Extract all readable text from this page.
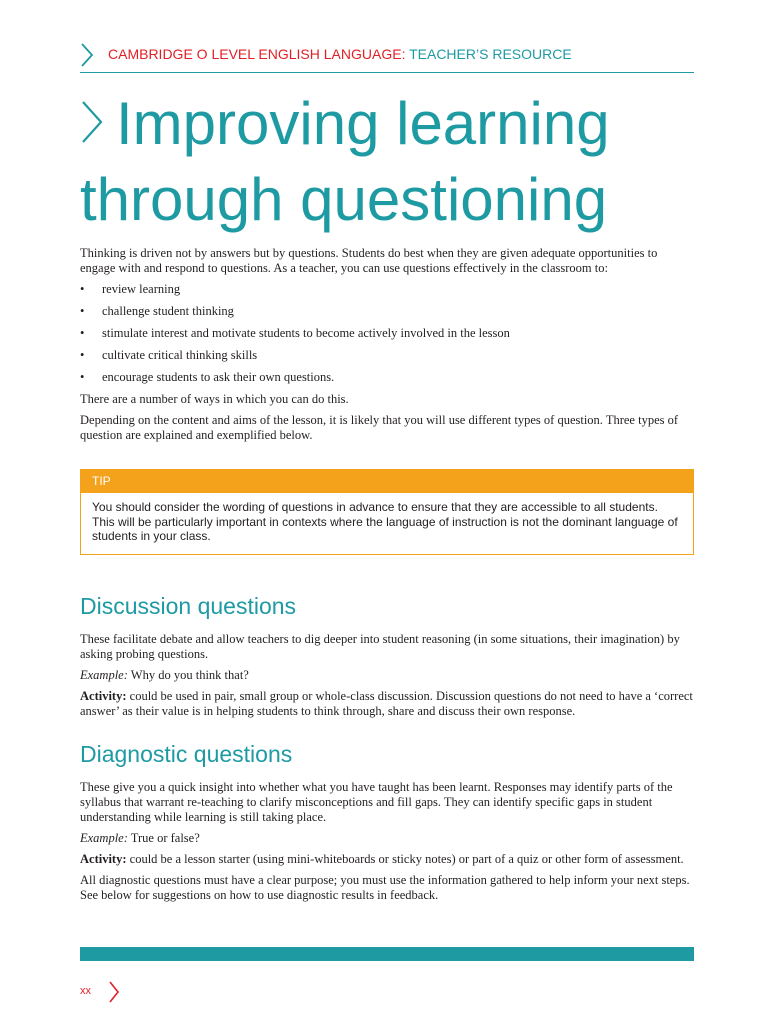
CAMBRIDGE O LEVEL ENGLISH LANGUAGE: TEACHER’S RESOURCE
Improving learning
through questioning

Thinking is driven not by answers but by questions. Students do best when they are given adequate opportunities to engage with and respond to questions. As a teacher, you can use questions effectively in the classroom to:

• review learning
• challenge student thinking
• stimulate interest and motivate students to become actively involved in the lesson
• cultivate critical thinking skills
• encourage students to ask their own questions.

There are a number of ways in which you can do this.

Depending on the content and aims of the lesson, it is likely that you will use different types of question. Three types of question are explained and exemplified below.

TIP
You should consider the wording of questions in advance to ensure that they are accessible to all students. This will be particularly important in contexts where the language of instruction is not the dominant language of students in your class.
Discussion questions

These facilitate debate and allow teachers to dig deeper into student reasoning (in some situations, their imagination) by asking probing questions.

Example: Why do you think that?

Activity: could be used in pair, small group or whole-class discussion. Discussion questions do not need to have a ‘correct answer’ as their value is in helping students to think through, share and discuss their own response.

Diagnostic questions

These give you a quick insight into whether what you have taught has been learnt. Responses may identify parts of the syllabus that warrant re-teaching to clarify misconceptions and fill gaps. They can identify specific gaps in student understanding while learning is still taking place.

Example: True or false?

Activity: could be a lesson starter (using mini-whiteboards or sticky notes) or part of a quiz or other form of assessment.

All diagnostic questions must have a clear purpose; you must use the information gathered to help inform your next steps. See below for suggestions on how to use diagnostic results in feedback.

xx
